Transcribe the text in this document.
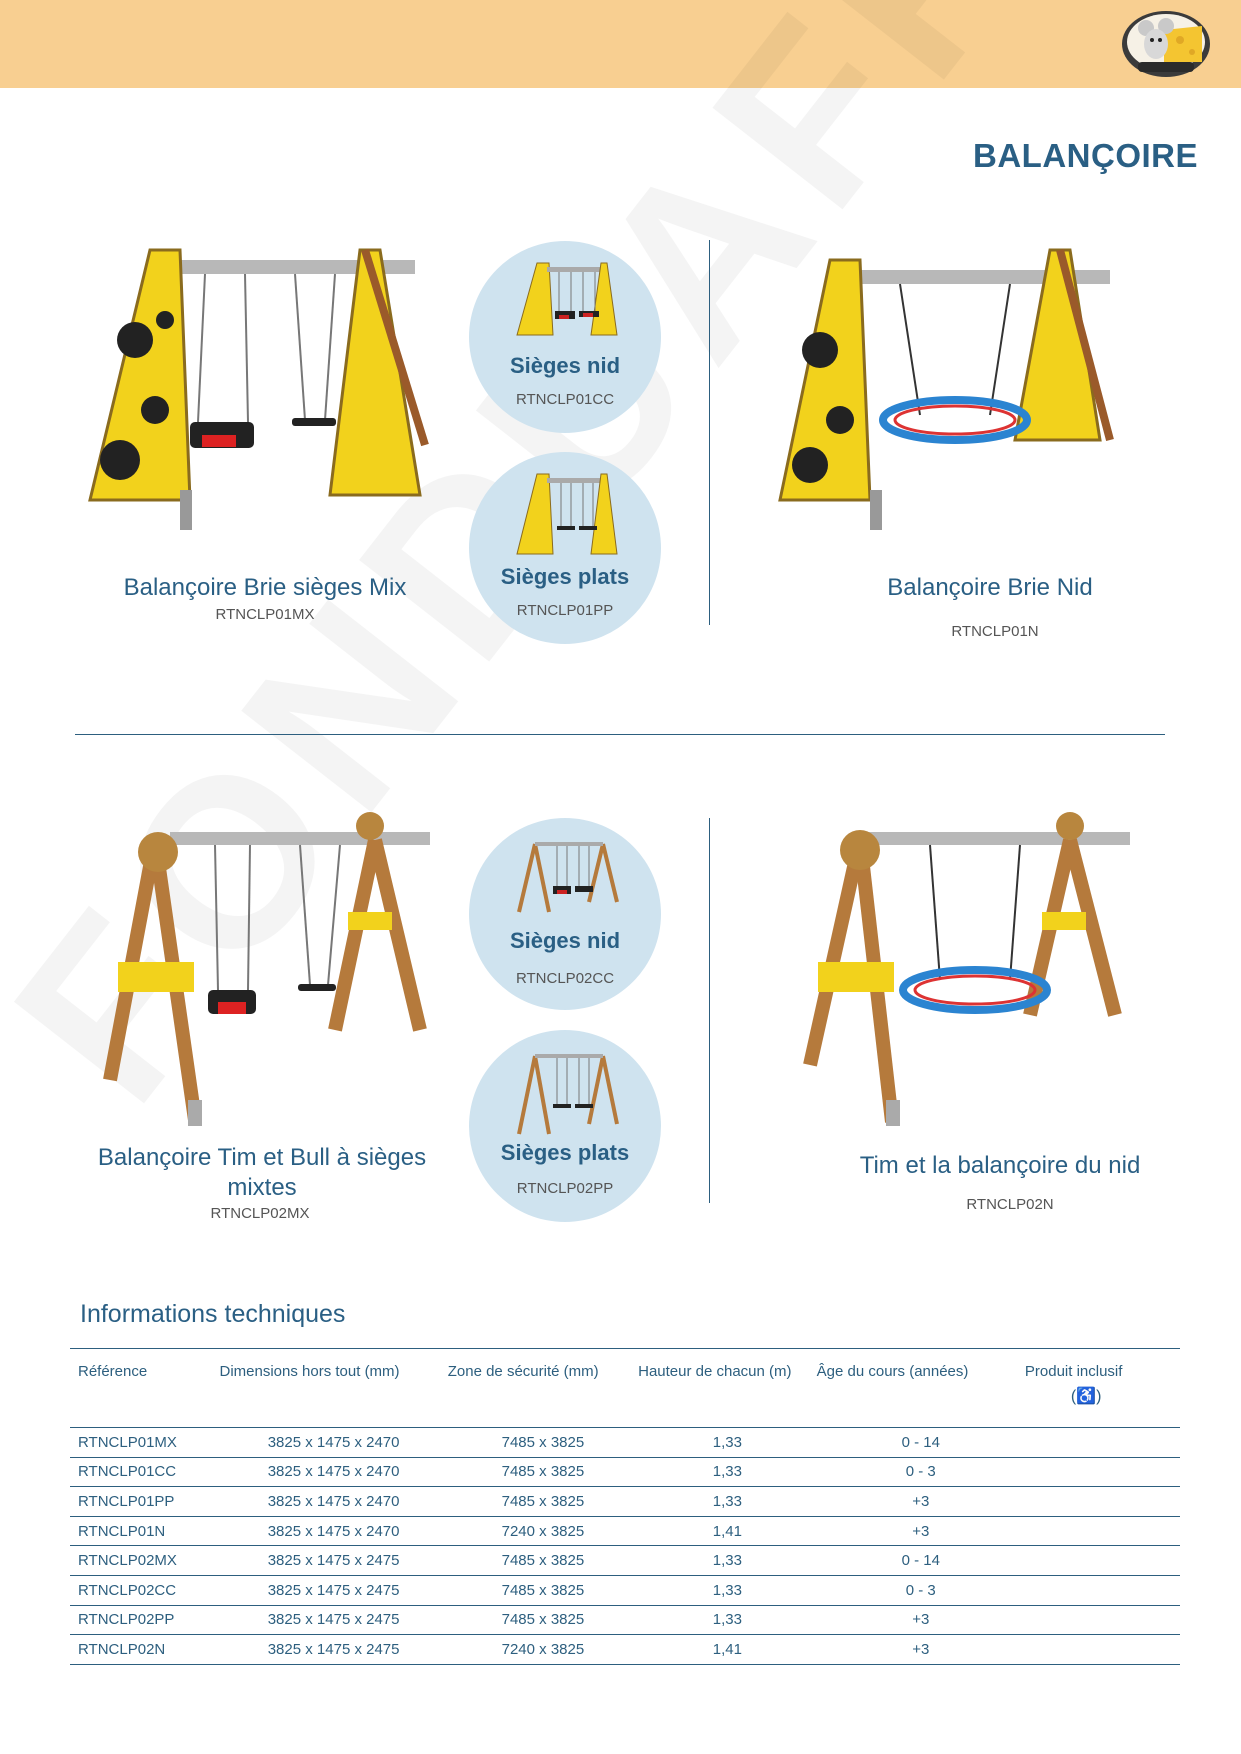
BALANÇOIRE
Balançoire Brie sièges Mix
RTNCLP01MX
Sièges nid
RTNCLP01CC
Sièges plats
RTNCLP01PP
Balançoire Brie Nid
RTNCLP01N
Balançoire Tim et Bull à sièges mixtes
RTNCLP02MX
Sièges nid
RTNCLP02CC
Sièges plats
RTNCLP02PP
Tim et la balançoire du nid
RTNCLP02N
Informations techniques
Référence	Dimensions hors tout (mm)	Zone de sécurité (mm)	Hauteur de chacun (m)	Âge du cours (années)	Produit inclusif
(♿)
RTNCLP01MX	3825 x 1475 x 2470	7485 x 3825	1,33	0 - 14	
RTNCLP01CC	3825 x 1475 x 2470	7485 x 3825	1,33	0 - 3	
RTNCLP01PP	3825 x 1475 x 2470	7485 x 3825	1,33	+3	
RTNCLP01N	3825 x 1475 x 2470	7240 x 3825	1,41	+3	
RTNCLP02MX	3825 x 1475 x 2475	7485 x 3825	1,33	0 - 14	
RTNCLP02CC	3825 x 1475 x 2475	7485 x 3825	1,33	0 - 3	
RTNCLP02PP	3825 x 1475 x 2475	7485 x 3825	1,33	+3	
RTNCLP02N	3825 x 1475 x 2475	7240 x 3825	1,41	+3	
